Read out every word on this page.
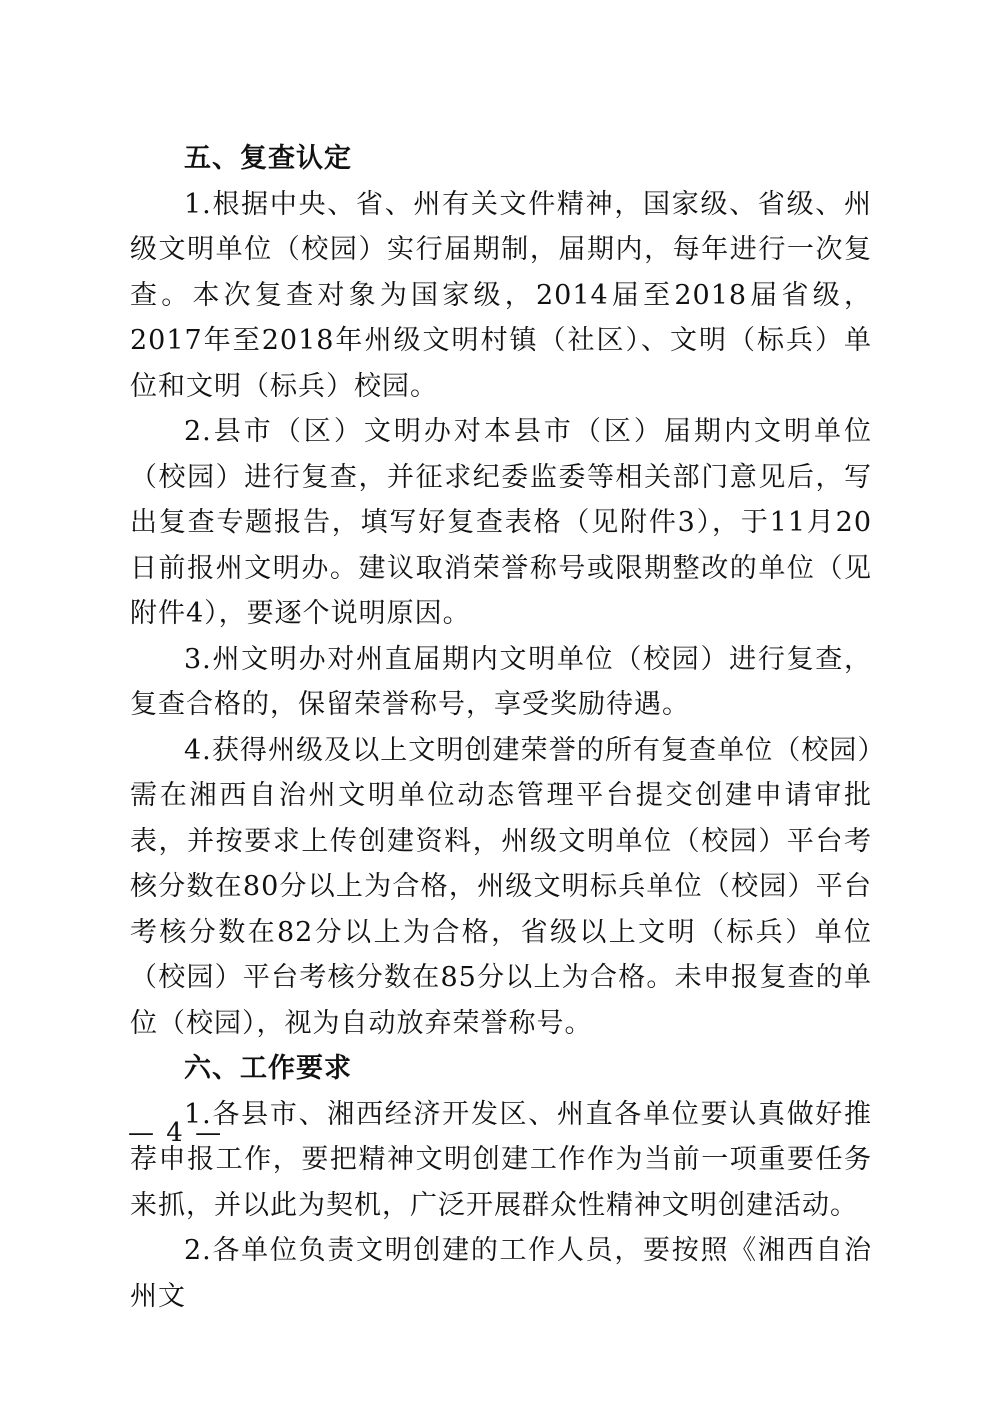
五、复查认定

1.根据中央、省、州有关文件精神，国家级、省级、州级文明单位（校园）实行届期制，届期内，每年进行一次复查。本次复查对象为国家级，2014届至2018届省级，2017年至2018年州级文明村镇（社区）、文明（标兵）单位和文明（标兵）校园。

2.县市（区）文明办对本县市（区）届期内文明单位（校园）进行复查，并征求纪委监委等相关部门意见后，写出复查专题报告，填写好复查表格（见附件3），于11月20日前报州文明办。建议取消荣誉称号或限期整改的单位（见附件4），要逐个说明原因。

3.州文明办对州直届期内文明单位（校园）进行复查，复查合格的，保留荣誉称号，享受奖励待遇。

4.获得州级及以上文明创建荣誉的所有复查单位（校园）需在湘西自治州文明单位动态管理平台提交创建申请审批表，并按要求上传创建资料，州级文明单位（校园）平台考核分数在80分以上为合格，州级文明标兵单位（校园）平台考核分数在82分以上为合格，省级以上文明（标兵）单位（校园）平台考核分数在85分以上为合格。未申报复查的单位（校园），视为自动放弃荣誉称号。

六、工作要求

1.各县市、湘西经济开发区、州直各单位要认真做好推荐申报工作，要把精神文明创建工作作为当前一项重要任务来抓，并以此为契机，广泛开展群众性精神文明创建活动。

2.各单位负责文明创建的工作人员，要按照《湘西自治州文

— 4 —
